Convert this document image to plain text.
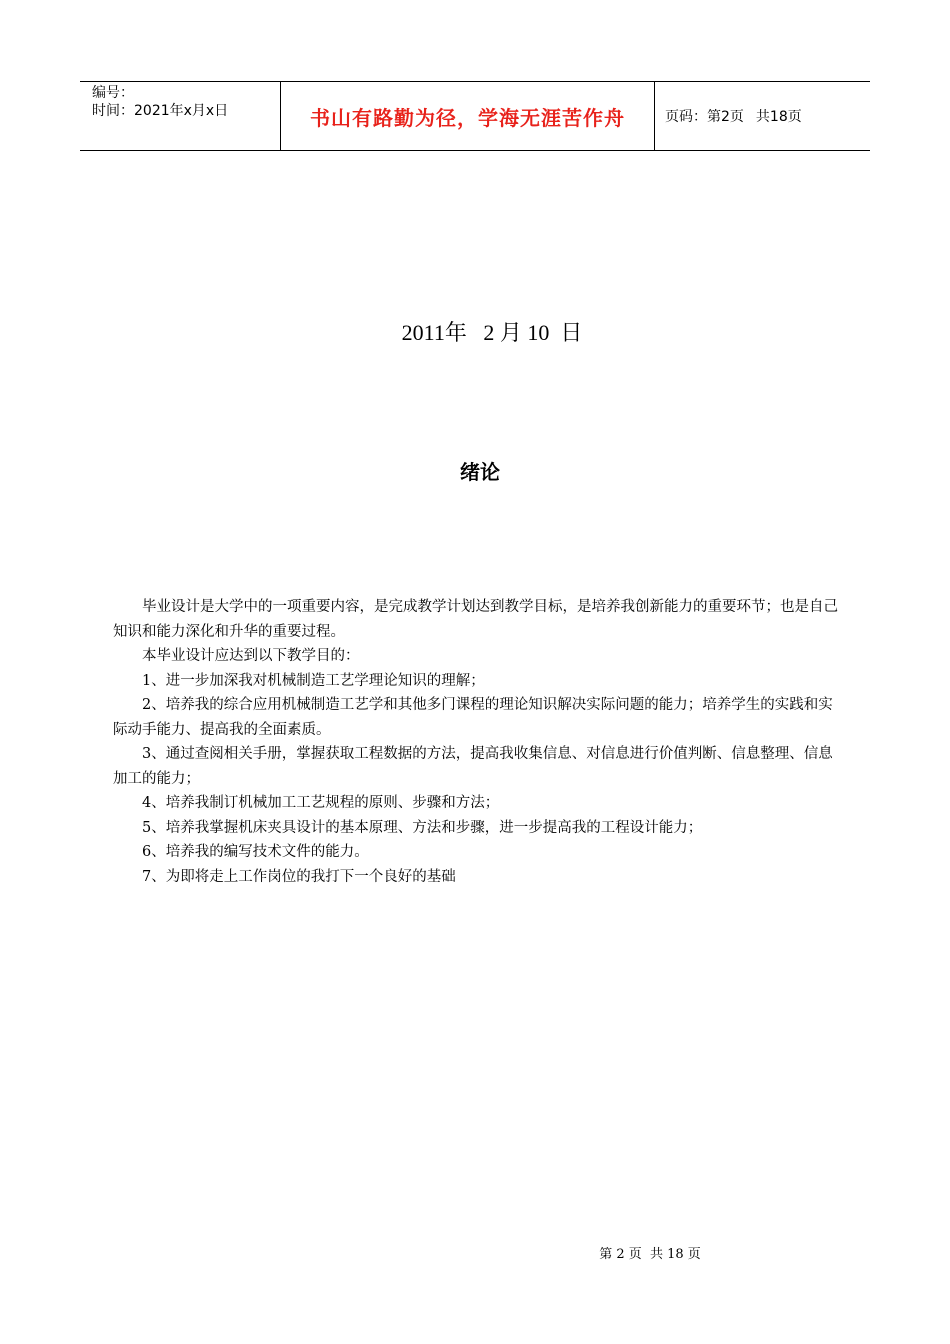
编号：
时间：2021年x月x日	书山有路勤为径，学海无涯苦作舟	页码：第2页 共18页
2011年   2 月 10  日
绪论

毕业设计是大学中的一项重要内容，是完成教学计划达到教学目标，是培养我创新能力的重要环节；也是自己知识和能力深化和升华的重要过程。

本毕业设计应达到以下教学目的：

1、进一步加深我对机械制造工艺学理论知识的理解；

2、培养我的综合应用机械制造工艺学和其他多门课程的理论知识解决实际问题的能力；培养学生的实践和实际动手能力、提高我的全面素质。

3、通过查阅相关手册，掌握获取工程数据的方法，提高我收集信息、对信息进行价值判断、信息整理、信息加工的能力；

4、培养我制订机械加工工艺规程的原则、步骤和方法；

5、培养我掌握机床夹具设计的基本原理、方法和步骤，进一步提高我的工程设计能力；

6、培养我的编写技术文件的能力。

7、为即将走上工作岗位的我打下一个良好的基础

第 2 页  共 18 页
